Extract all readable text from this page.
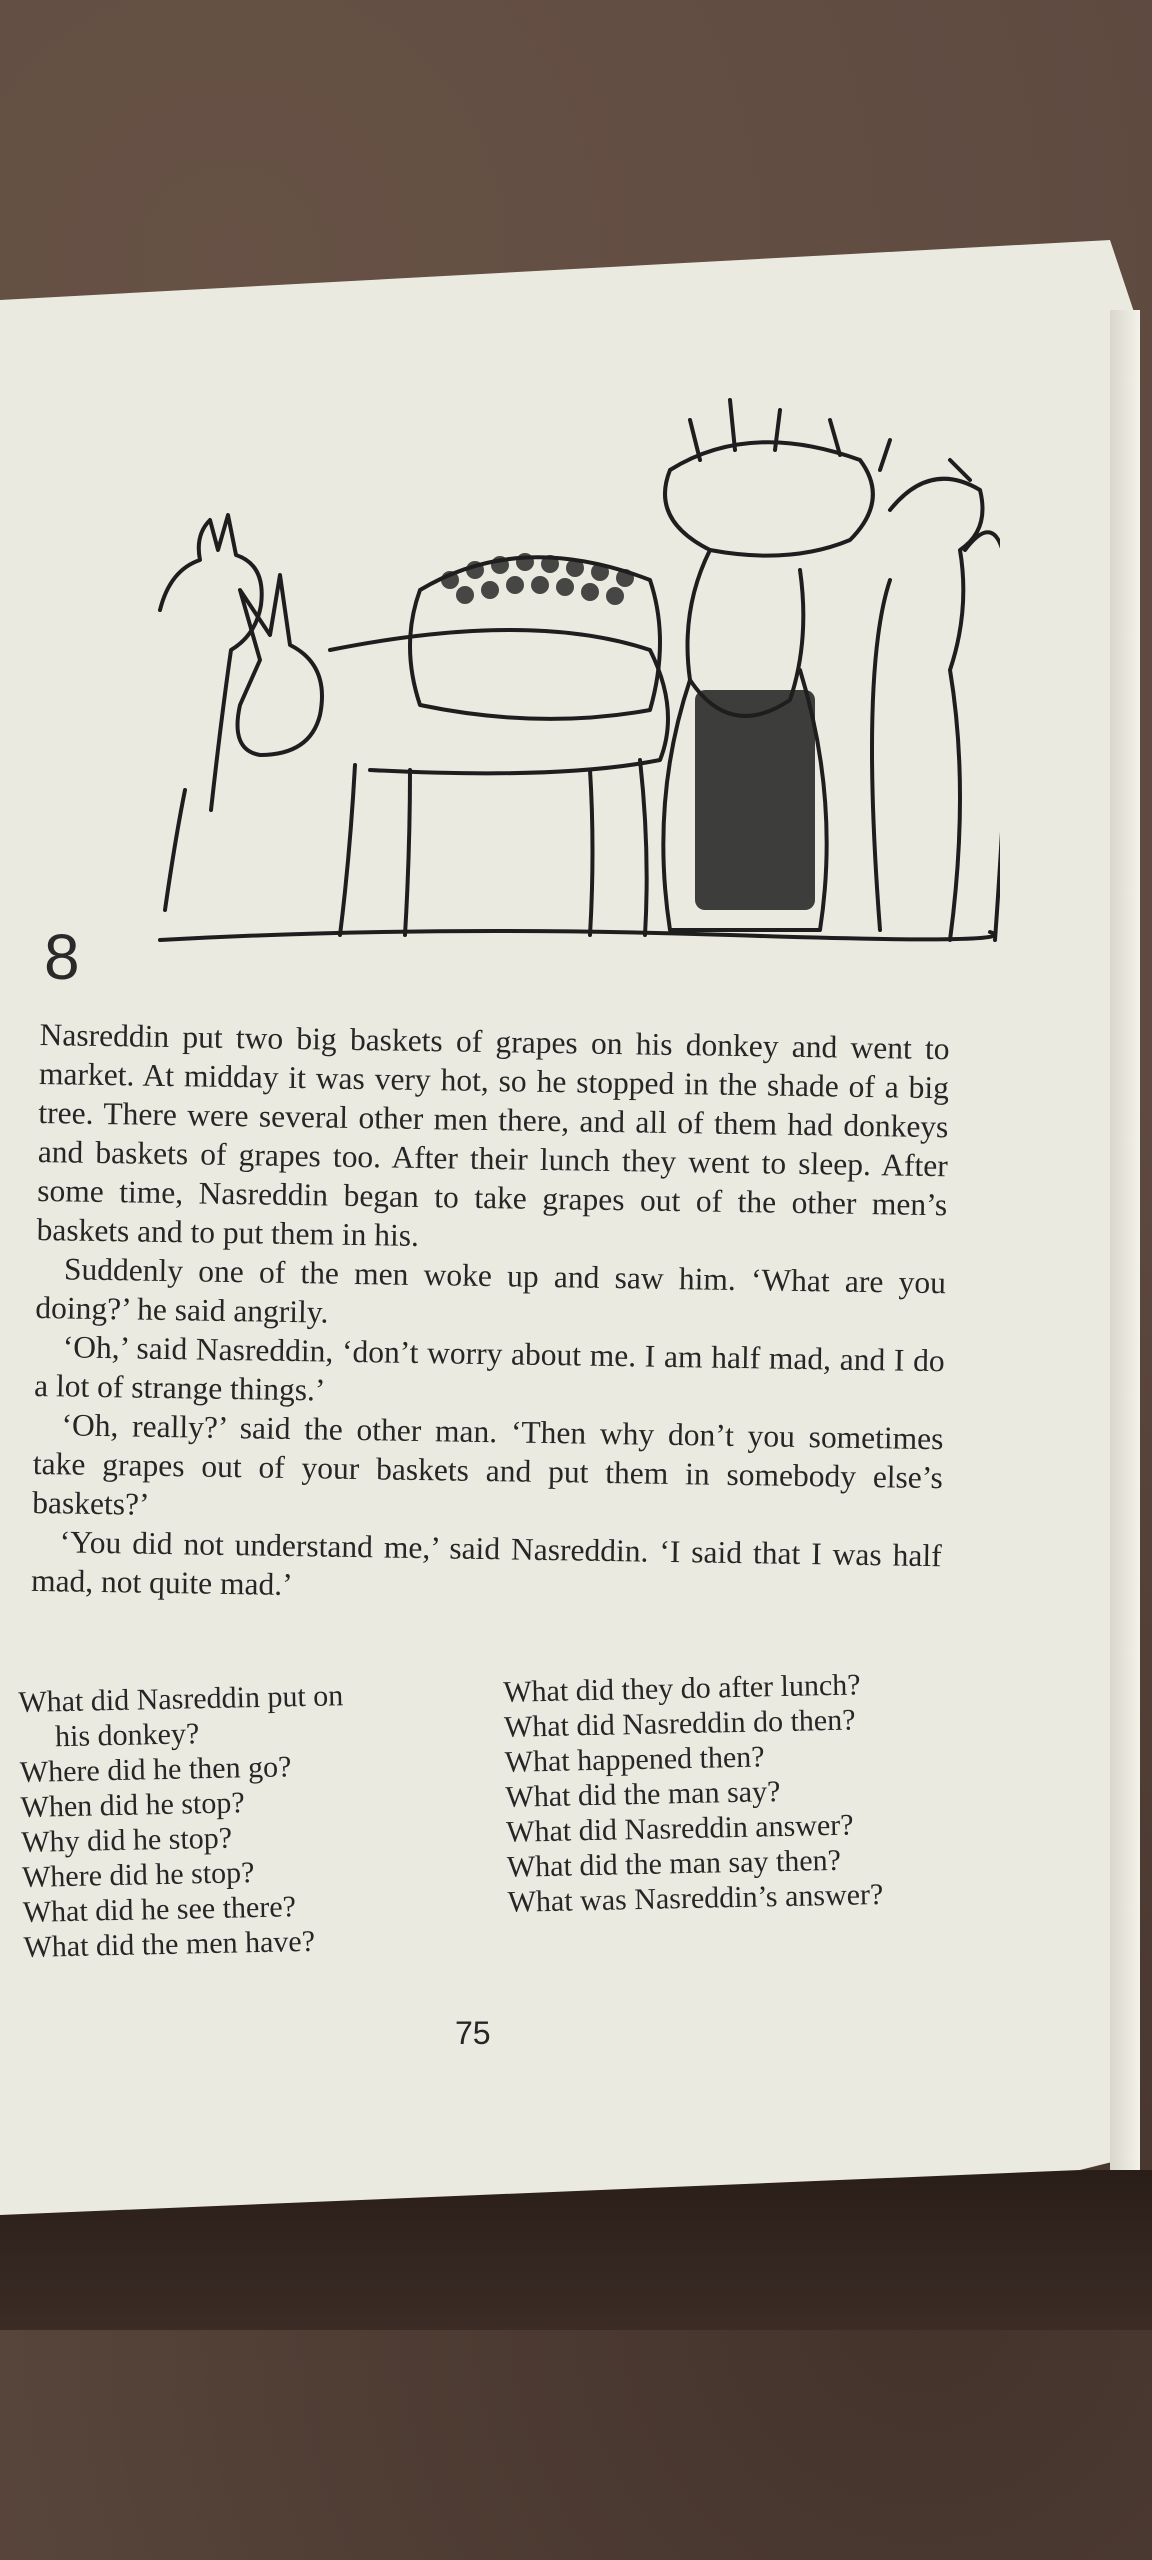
8

Nasreddin put two big baskets of grapes on his donkey and went to market. At midday it was very hot, so he stopped in the shade of a big tree. There were several other men there, and all of them had donkeys and baskets of grapes too. After their lunch they went to sleep. After some time, Nasreddin began to take grapes out of the other men’s baskets and to put them in his.

Suddenly one of the men woke up and saw him. ‘What are you doing?’ he said angrily.

‘Oh,’ said Nasreddin, ‘don’t worry about me. I am half mad, and I do a lot of strange things.’

‘Oh, really?’ said the other man. ‘Then why don’t you sometimes take grapes out of your baskets and put them in somebody else’s baskets?’

‘You did not understand me,’ said Nasreddin. ‘I said that I was half mad, not quite mad.’

What did Nasreddin put on

his donkey?

Where did he then go?

When did he stop?

Why did he stop?

Where did he stop?

What did he see there?

What did the men have?

What did they do after lunch?

What did Nasreddin do then?

What happened then?

What did the man say?

What did Nasreddin answer?

What did the man say then?

What was Nasreddin’s answer?

75
